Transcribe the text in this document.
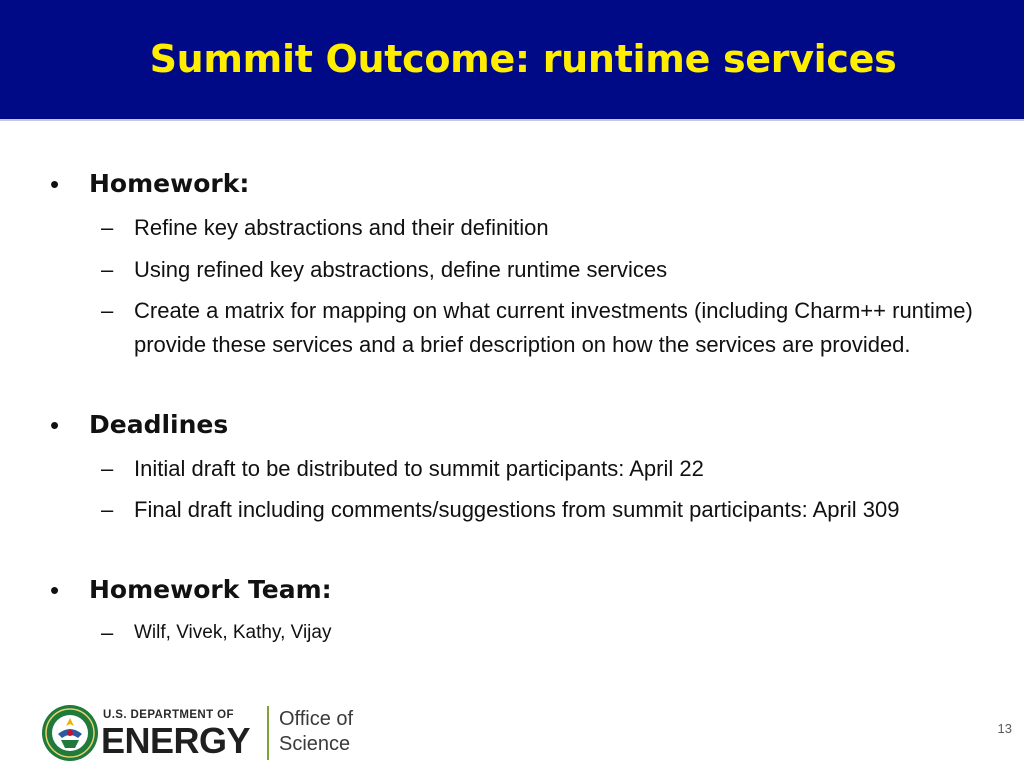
Summit Outcome: runtime services
• Homework:
– Refine key abstractions and their definition
– Using refined key abstractions, define runtime services
– Create a matrix for mapping on what current investments (including Charm++ runtime) provide these services and a brief description on how the services are provided.
• Deadlines
– Initial draft to be distributed to summit participants: April 22
– Final draft including comments/suggestions from summit participants: April 309
• Homework Team:
– Wilf, Vivek, Kathy, Vijay
U.S. DEPARTMENT OF
ENERGY
Office of
Science
13
